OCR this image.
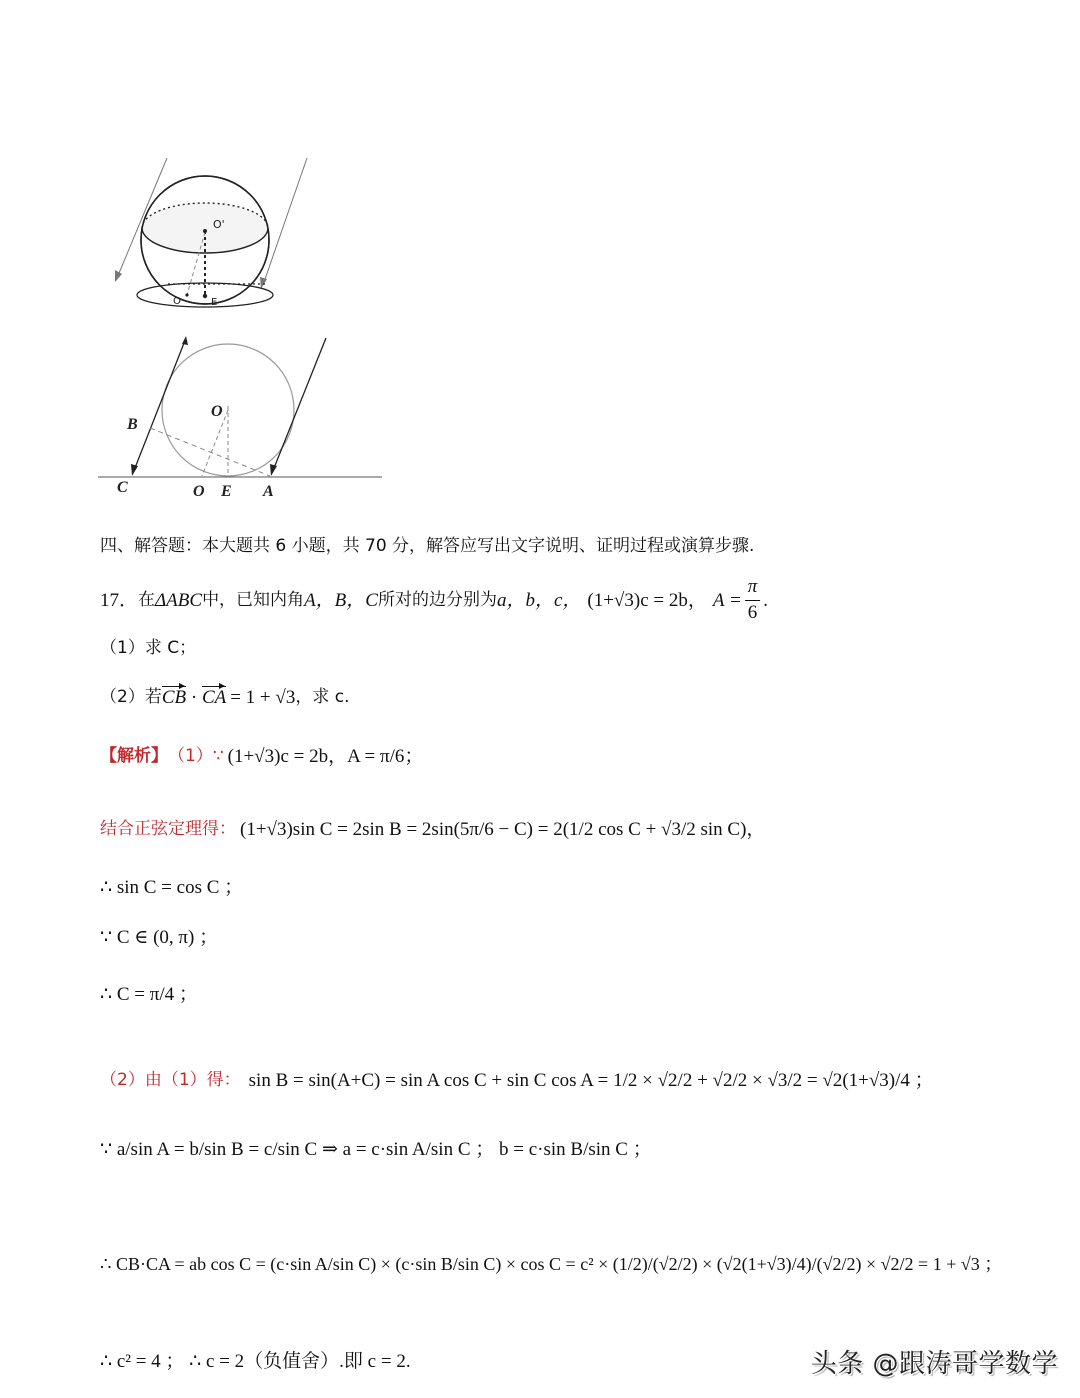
O'
O	E
O
B
C	O E A
四、解答题：本大题共 6 小题，共 70 分，解答应写出文字说明、证明过程或演算步骤.
17． 在 ΔABC 中，已知内角 A，B，C 所对的边分别为 a，b，c， (1+√3)c = 2b ， $A = \frac{\pi}{6}$ .
（1）求 C；
（2）若 CB · CA = 1 + √3 ，求 c.
【解析】 （1）∵ (1+√3)c = 2b，A = π/6；
结合正弦定理得： (1+√3)sin C = 2sin B = 2sin(5π/6 − C) = 2(1/2 cos C + √3/2 sin C)，
∴ sin C = cos C ；
∵ C ∈ (0, π) ；
∴ C = π/4 ；
（2）由（1）得： sin B = sin(A+C) = sin A cos C + sin C cos A = 1/2 × √2/2 + √2/2 × √3/2 = √2(1+√3)/4 ；
∵ a/sin A = b/sin B = c/sin C ⇒ a = c·sin A/sin C ； b = c·sin B/sin C ；
∴ CB·CA = ab cos C = (c·sin A/sin C) × (c·sin B/sin C) × cos C = c² × (1/2)/(√2/2) × (√2(1+√3)/4)/(√2/2) × √2/2 = 1 + √3 ；
∴ c² = 4 ； ∴ c = 2（负值舍）.即 c = 2.	头条 @跟涛哥学数学
